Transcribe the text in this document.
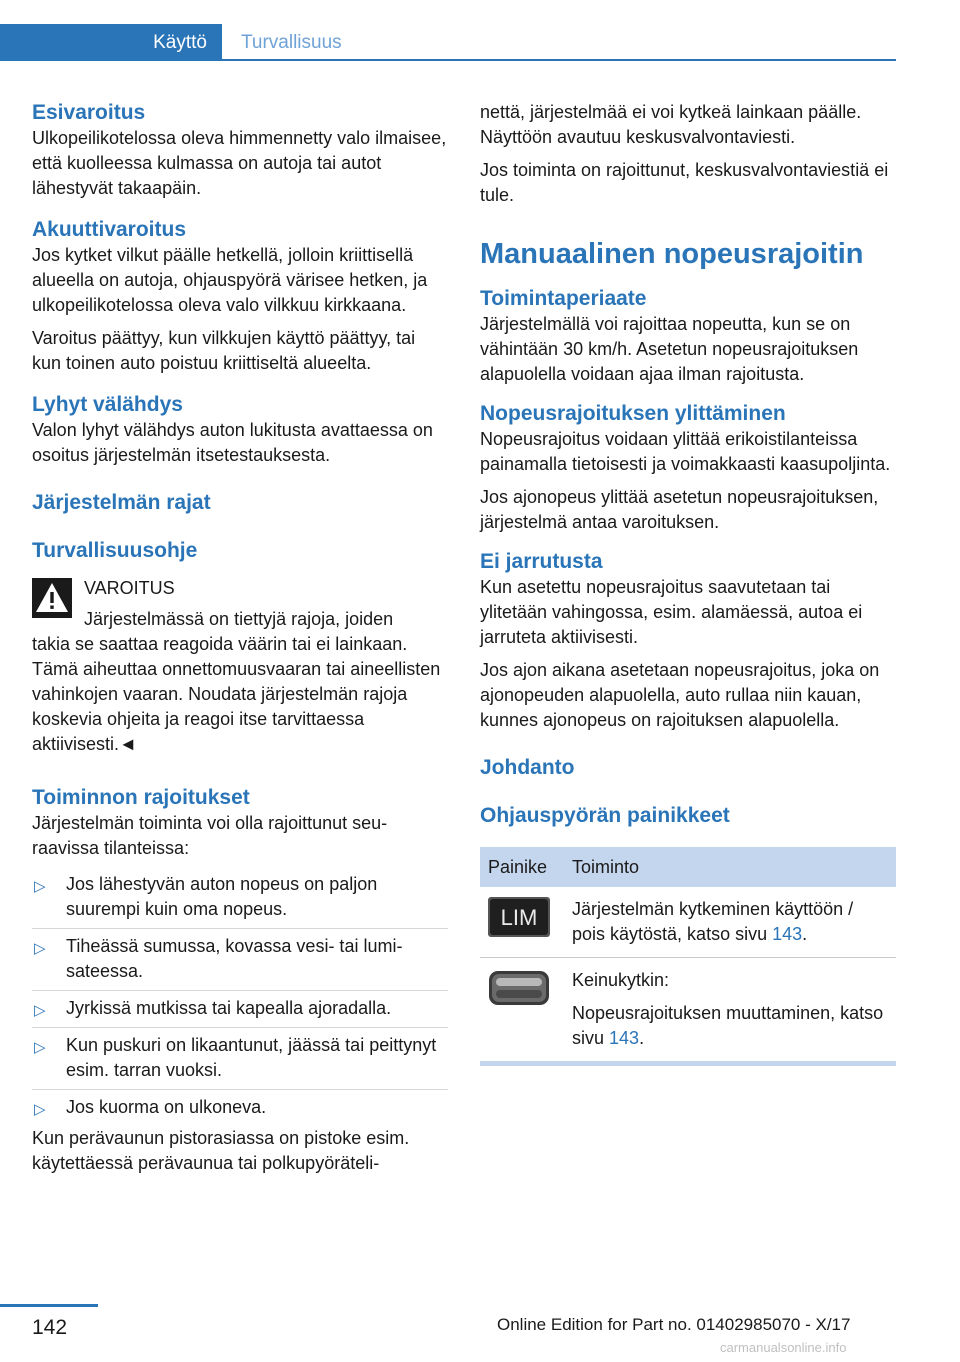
Käyttö Turvallisuus
Esivaroitus
Ulkopeilikotelossa oleva himmennetty valo ilmaisee, että kuolleessa kulmassa on autoja tai autot lähestyvät takaapäin.
Akuuttivaroitus
Jos kytket vilkut päälle hetkellä, jolloin kriittisellä alueella on autoja, ohjauspyörä värisee hetken, ja ulkopeilikotelossa oleva valo vilkkuu kirkkaana.
Varoitus päättyy, kun vilkkujen käyttö päättyy, tai kun toinen auto poistuu kriittiseltä alueelta.
Lyhyt välähdys
Valon lyhyt välähdys auton lukitusta avattaessa on osoitus järjestelmän itsetestauksesta.
Järjestelmän rajat
Turvallisuusohje
VAROITUS
Järjestelmässä on tiettyjä rajoja, joiden
takia se saattaa reagoida väärin tai ei lainkaan. Tämä aiheuttaa onnettomuusvaaran tai aineellisten vahinkojen vaaran. Noudata järjestelmän rajoja koskevia ohjeita ja reagoi itse tarvittaessa aktiivisesti.◄
Toiminnon rajoitukset
Järjestelmän toiminta voi olla rajoittunut seuraavissa tilanteissa:
▷ Jos lähestyvän auton nopeus on paljon suurempi kuin oma nopeus.
▷ Tiheässä sumussa, kovassa vesi- tai lumisateessa.
▷ Jyrkissä mutkissa tai kapealla ajoradalla.
▷ Kun puskuri on likaantunut, jäässä tai peittynyt esim. tarran vuoksi.
▷ Jos kuorma on ulkoneva.
Kun perävaunun pistorasiassa on pistoke esim. käytettäessä perävaunua tai polkupyöräteli-
nettä, järjestelmää ei voi kytkeä lainkaan päälle. Näyttöön avautuu keskusvalvontaviesti.
Jos toiminta on rajoittunut, keskusvalvontaviestiä ei tule.
Manuaalinen nopeusrajoitin
Toimintaperiaate
Järjestelmällä voi rajoittaa nopeutta, kun se on vähintään 30 km/h. Asetetun nopeusrajoituksen alapuolella voidaan ajaa ilman rajoitusta.
Nopeusrajoituksen ylittäminen
Nopeusrajoitus voidaan ylittää erikoistilanteissa painamalla tietoisesti ja voimakkaasti kaasupoljinta.
Jos ajonopeus ylittää asetetun nopeusrajoituksen, järjestelmä antaa varoituksen.
Ei jarrutusta
Kun asetettu nopeusrajoitus saavutetaan tai ylitetään vahingossa, esim. alamäessä, autoa ei jarruteta aktiivisesti.
Jos ajon aikana asetetaan nopeusrajoitus, joka on ajonopeuden alapuolella, auto rullaa niin kauan, kunnes ajonopeus on rajoituksen alapuolella.
Johdanto
Ohjauspyörän painikkeet
Painike	Toiminto

LIM	Järjestelmän kytkeminen käyttöön / pois käytöstä, katso sivu 143.

Keinukytkin:
Nopeusrajoituksen muuttaminen, katso sivu 143.
142	Online Edition for Part no. 01402985070 - X/17
carmanualsonline.info
